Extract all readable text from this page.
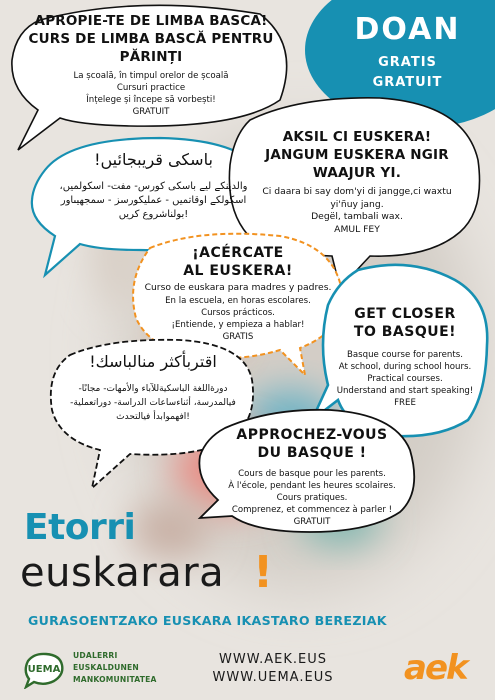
DOAN
GRATIS
GRATUIT
APROPIE-TE DE LIMBA BASCA!
CURS DE LIMBA BASCĂ PENTRU PĂRINȚI
La școală, în timpul orelor de școală
Cursuri practice
Înțelege și începe să vorbești!
GRATUIT
!باسکی قریبجائیں
والدینکے لیے باسکی کورس- مفت- اسکولمیں،
اسکولکے اوقاتمیں - عملیکورسز - سمجھیںاور
!بولناشروع کریں
AKSIL CI EUSKERA!
JANGUM EUSKERA NGIR
WAAJUR YI.
Ci daara bi say dom'yi di jangge,ci waxtu
yi'ñuy jang.
Degël, tambali wax.
AMUL FEY
¡ACÉRCATE
AL EUSKERA!
Curso de euskara para madres y padres.
En la escuela, en horas escolares.
Cursos prácticos.
¡Entiende, y empieza a hablar!
GRATIS
GET CLOSER
TO BASQUE!
Basque course for parents.
At school, during school hours.
Practical courses.
Understand and start speaking!
FREE
!اقتربأكثر منالباسك
دورةاللغة الباسكيةللآباء والأمهات- مجانًا-
فيالمدرسة، أثناءساعات الدراسة- دوراتعملية-
!افهموابدأ فيالتحدث
APPROCHEZ-VOUS
DU BASQUE !
Cours de basque pour les parents.
À l'école, pendant les heures scolaires.
Cours pratiques.
Comprenez, et commencez à parler !
GRATUIT
Etorri
euskarara !
GURASOENTZAKO EUSKARA IKASTARO BEREZIAK
UEMA
UDALERRI
EUSKALDUNEN
MANKOMUNITATEA
WWW.AEK.EUS
WWW.UEMA.EUS	aek
